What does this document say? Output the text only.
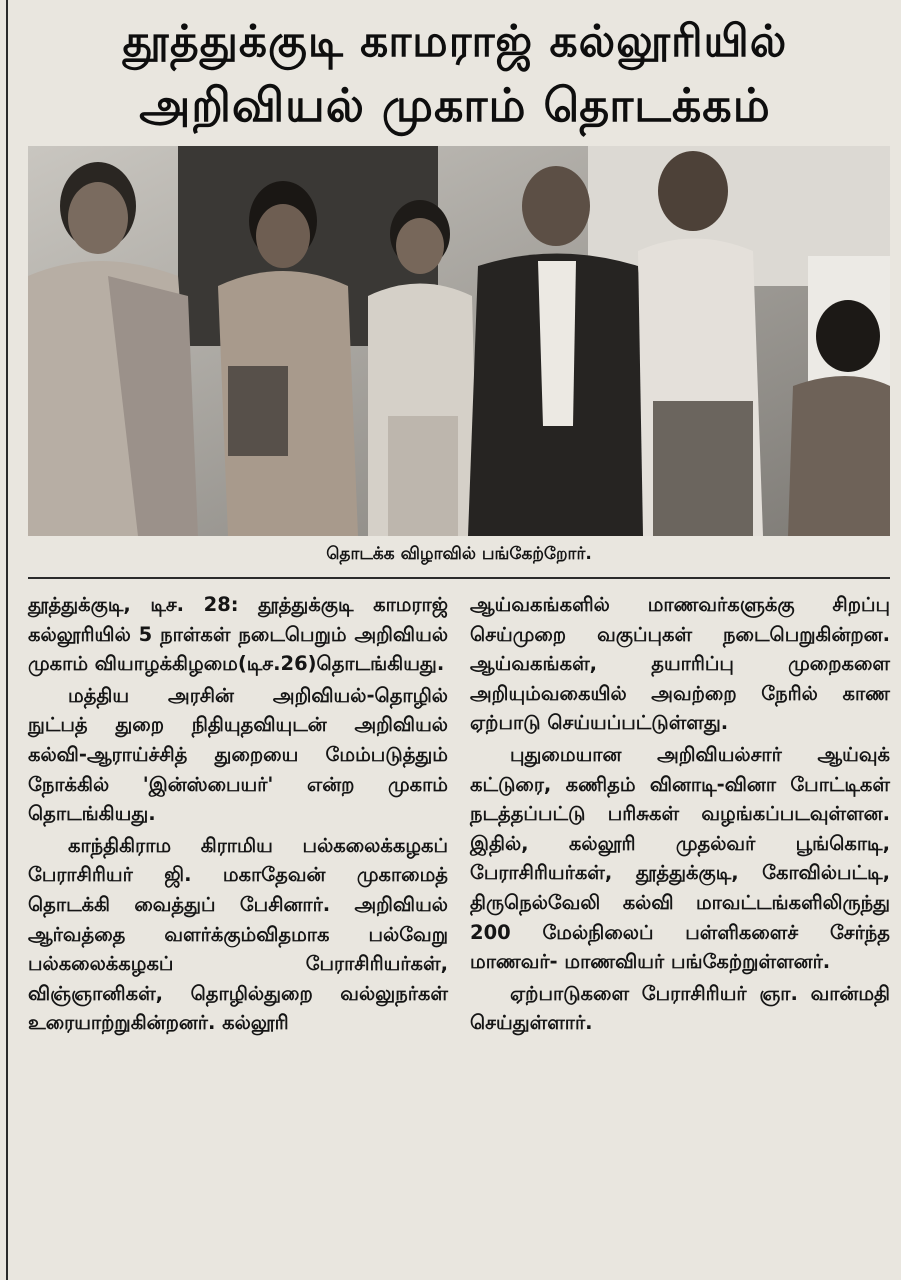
தூத்துக்குடி காமராஜ் கல்லூரியில்
அறிவியல் முகாம் தொடக்கம்
தொடக்க விழாவில் பங்கேற்றோர்.

தூத்துக்குடி, டிச. 28: தூத்துக்குடி காமராஜ் கல்லூரியில் 5 நாள்கள் நடைபெறும் அறிவியல் முகாம் வியாழக்கிழமை(டிச.26)தொடங்கியது.

மத்திய அரசின் அறிவியல்-தொழில் நுட்பத் துறை நிதியுதவியுடன் அறிவியல் கல்வி-ஆராய்ச்சித் துறையை மேம்படுத்தும் நோக்கில் 'இன்ஸ்பையர்' என்ற முகாம் தொடங்கியது.

காந்திகிராம கிராமிய பல்கலைக்கழகப் பேராசிரியர் ஜி. மகாதேவன் முகாமைத் தொடக்கி வைத்துப் பேசினார். அறிவியல் ஆர்வத்தை வளர்க்கும்விதமாக பல்வேறு பல்கலைக்கழகப் பேராசிரியர்கள், விஞ்ஞானிகள், தொழில்துறை வல்லுநர்கள் உரையாற்றுகின்றனர். கல்லூரி

ஆய்வகங்களில் மாணவர்களுக்கு சிறப்பு செய்முறை வகுப்புகள் நடைபெறுகின்றன. ஆய்வகங்கள், தயாரிப்பு முறைகளை அறியும்வகையில் அவற்றை நேரில் காண ஏற்பாடு செய்யப்பட்டுள்ளது.

புதுமையான அறிவியல்சார் ஆய்வுக் கட்டுரை, கணிதம் வினாடி-வினா போட்டிகள் நடத்தப்பட்டு பரிசுகள் வழங்கப்படவுள்ளன. இதில், கல்லூரி முதல்வர் பூங்கொடி, பேராசிரியர்கள், தூத்துக்குடி, கோவில்பட்டி, திருநெல்வேலி கல்வி மாவட்டங்களிலிருந்து 200 மேல்நிலைப் பள்ளிகளைச் சேர்ந்த மாணவர்- மாணவியர் பங்கேற்றுள்ளனர்.

ஏற்பாடுகளை பேராசிரியர் ஞா. வான்மதி செய்துள்ளார்.
